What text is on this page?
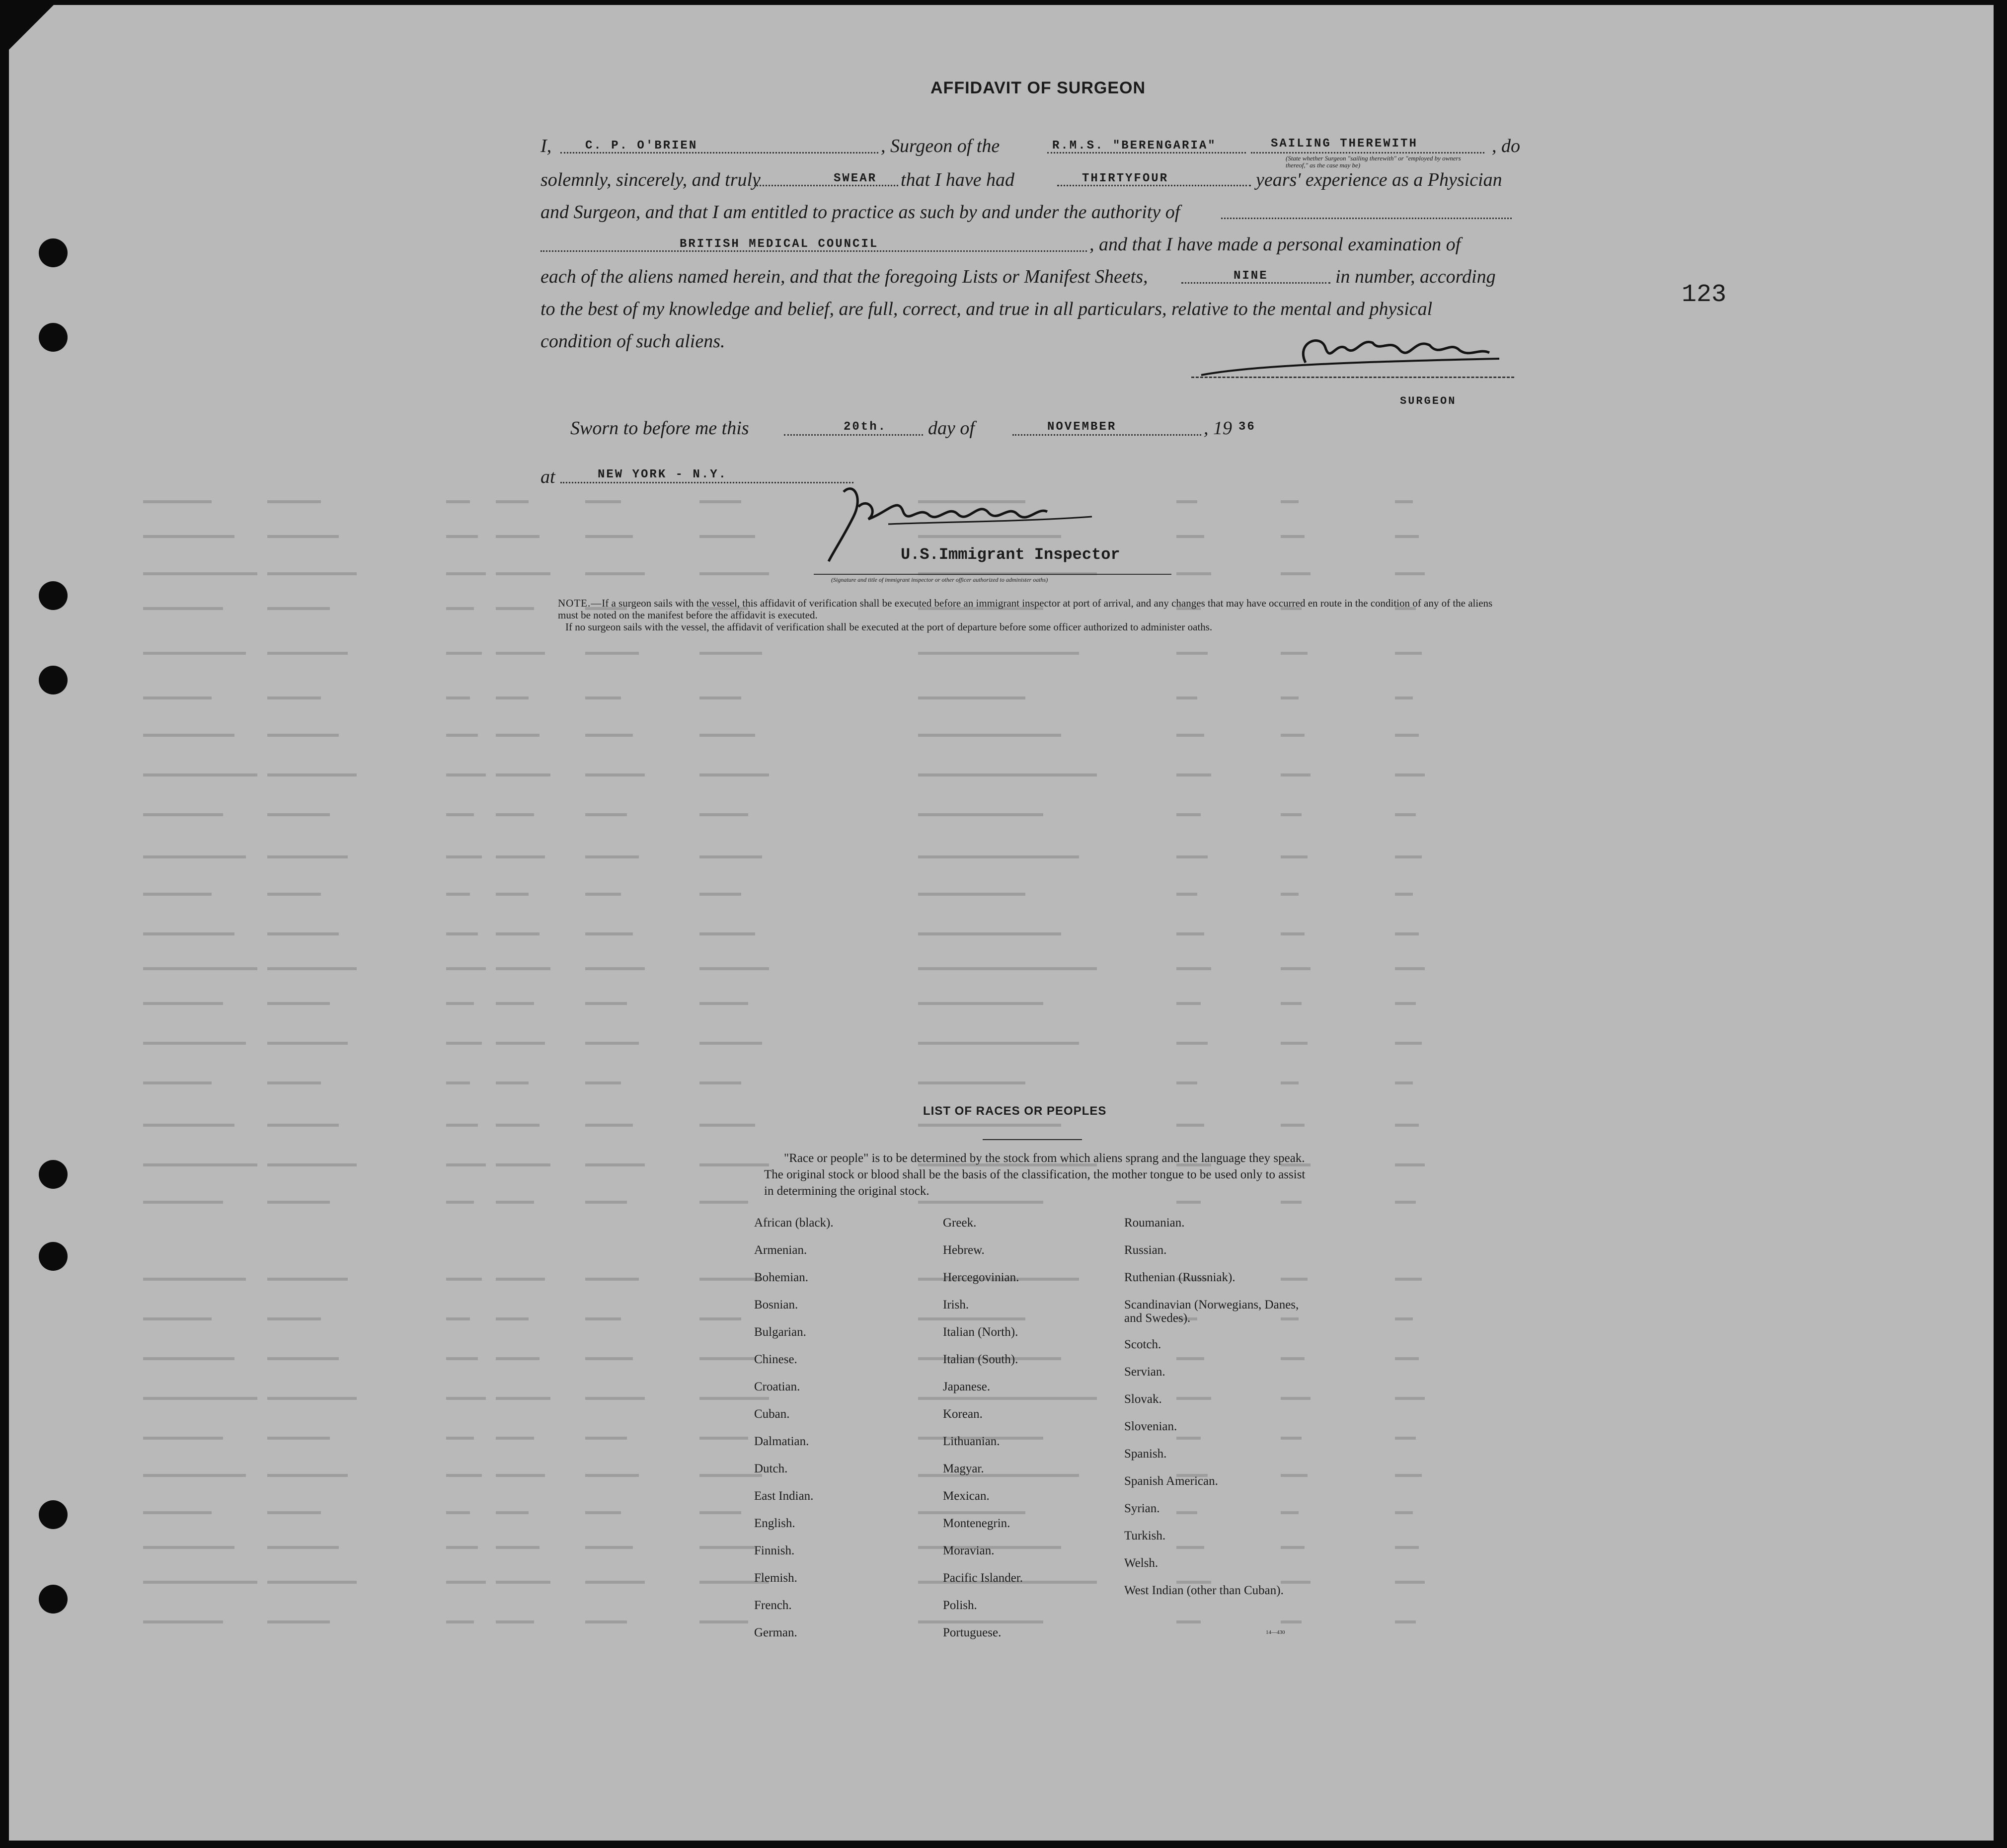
AFFIDAVIT OF SURGEON
I,	C. P. O'BRIEN	, Surgeon of the	R.M.S. "BERENGARIA"	SAILING THEREWITH
(State whether Surgeon "sailing therewith" or "employed by owners thereof," as the case may be)
, do
solemnly, sincerely, and truly	SWEAR that I have had	THIRTYFOUR	years' experience as a Physician
and Surgeon, and that I am entitled to practice as such by and under the authority of
BRITISH MEDICAL COUNCIL	, and that I have made a personal examination of
each of the aliens named herein, and that the foregoing Lists or Manifest Sheets,	NINE	in number, according
to the best of my knowledge and belief, are full, correct, and true in all particulars, relative to the mental and physical
condition of such aliens.
SURGEON
Sworn to before me this	20th. day of	NOVEMBER	, 19 36
at	NEW YORK - N.Y.
U.S.Immigrant Inspector
(Signature and title of immigrant inspector or other officer authorized to administer oaths)
NOTE.—If a surgeon sails with the vessel, this affidavit of verification shall be executed before an immigrant inspector at port of arrival, and any changes that may have occurred en route in the condition of any of the aliens must be noted on the manifest before the affidavit is executed.
If no surgeon sails with the vessel, the affidavit of verification shall be executed at the port of departure before some officer authorized to administer oaths.
123
LIST OF RACES OR PEOPLES
"Race or people" is to be determined by the stock from which aliens sprang and the language they speak. The original stock or blood shall be the basis of the classification, the mother tongue to be used only to assist in determining the original stock.
African (black).
Armenian.
Bohemian.
Bosnian.
Bulgarian.
Chinese.
Croatian.
Cuban.
Dalmatian.
Dutch.
East Indian.
English.
Finnish.
Flemish.
French.
German.
Greek.
Hebrew.
Hercegovinian.
Irish.
Italian (North).
Italian (South).
Japanese.
Korean.
Lithuanian.
Magyar.
Mexican.
Montenegrin.
Moravian.
Pacific Islander.
Polish.
Portuguese.
Roumanian.
Russian.
Ruthenian (Russniak).
Scandinavian (Norwegians, Danes, and Swedes).
Scotch.
Servian.
Slovak.
Slovenian.
Spanish.
Spanish American.
Syrian.
Turkish.
Welsh.
West Indian (other than Cuban).
14—430
